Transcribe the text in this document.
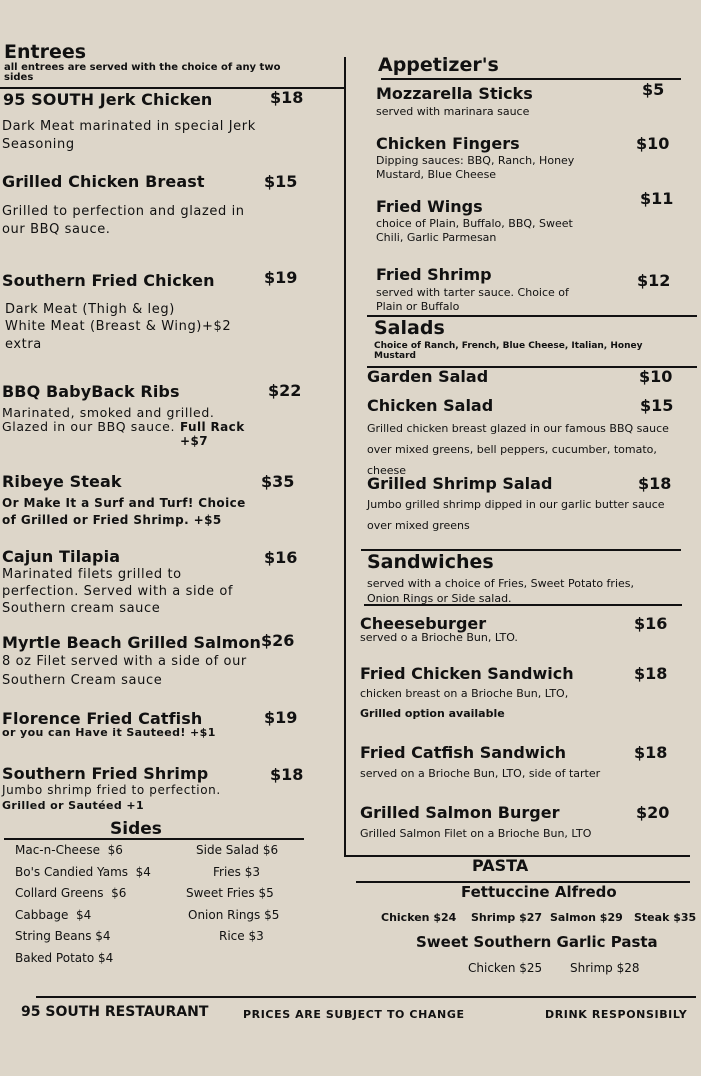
Entrees
all entrees are served with the choice of any two sides
95 SOUTH Jerk Chicken	$18
Dark Meat marinated in special Jerk Seasoning
Grilled Chicken Breast	$15
Grilled to perfection and glazed in our BBQ sauce.
Southern Fried Chicken	$19
Dark Meat (Thigh & leg)
White Meat (Breast & Wing)+$2 extra
BBQ BabyBack Ribs	$22
Marinated, smoked and grilled. Glazed in our BBQ sauce. Full Rack +$7
Ribeye Steak	$35
Or Make It a Surf and Turf! Choice of Grilled or Fried Shrimp. +$5
Cajun Tilapia	$16
Marinated filets grilled to perfection. Served with a side of Southern cream sauce
Myrtle Beach Grilled Salmon $26
8 oz Filet served with a side of our Southern Cream sauce
Florence Fried Catfish	$19
or you can Have it Sauteed! +$1
Southern Fried Shrimp	$18
Jumbo shrimp fried to perfection.
Grilled or Sautéed +1
Sides
Mac-n-Cheese  $6
Bo's Candied Yams  $4
Collard Greens  $6
Cabbage  $4
String Beans $4
Baked Potato $4
Side Salad $6
Fries $3
Sweet Fries $5
Onion Rings $5
Rice $3
Appetizer's
Mozzarella Sticks	$5
served with marinara sauce
Chicken Fingers	$10
Dipping sauces: BBQ, Ranch, Honey Mustard, Blue Cheese
Fried Wings	$11
choice of Plain, Buffalo, BBQ, Sweet Chili, Garlic Parmesan
Fried Shrimp	$12
served with tarter sauce. Choice of Plain or Buffalo
Salads
Choice of Ranch, French, Blue Cheese, Italian, Honey Mustard
Garden Salad	$10
Chicken Salad	$15
Grilled chicken breast glazed in our famous BBQ sauce over mixed greens, bell peppers, cucumber, tomato, cheese
Grilled Shrimp Salad	$18
Jumbo grilled shrimp dipped in our garlic butter sauce over mixed greens
Sandwiches
served with a choice of Fries, Sweet Potato fries, Onion Rings or Side salad.
Cheeseburger	$16
served o a Brioche Bun, LTO.
Fried Chicken Sandwich	$18
chicken breast on a Brioche Bun, LTO,
Grilled option available
Fried Catfish Sandwich	$18
served on a Brioche Bun, LTO, side of tarter
Grilled Salmon Burger	$20
Grilled Salmon Filet on a Brioche Bun, LTO
PASTA
Fettuccine Alfredo
Chicken $24 Shrimp $27 Salmon $29 Steak $35
Sweet Southern Garlic Pasta
Chicken $25 Shrimp $28
95 SOUTH RESTAURANT	PRICES ARE SUBJECT TO CHANGE	DRINK RESPONSIBILY
